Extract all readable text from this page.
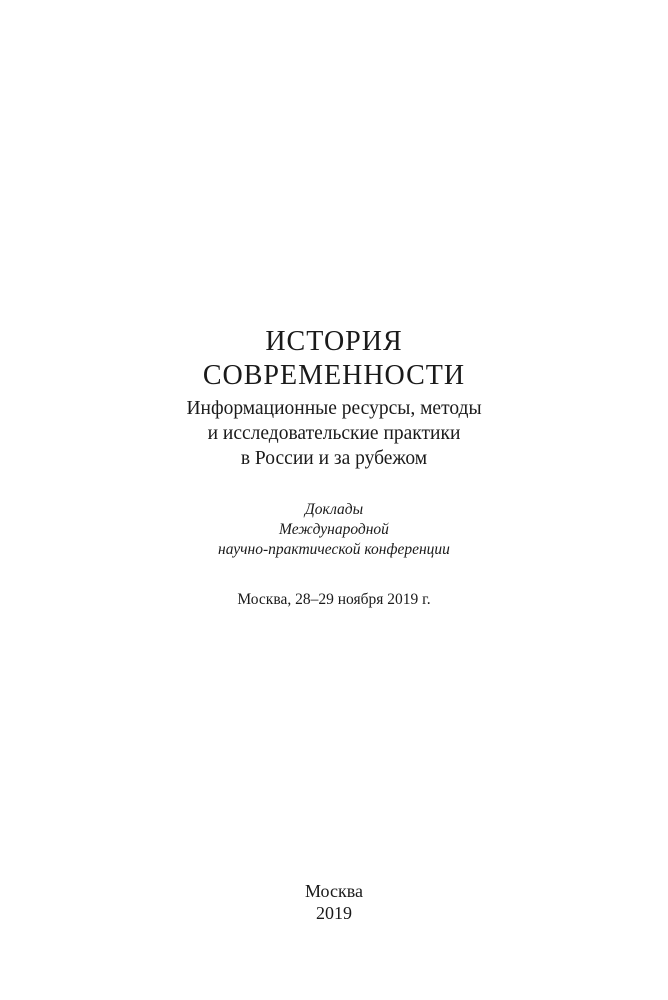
ИСТОРИЯ
СОВРЕМЕННОСТИ
Информационные ресурсы, методы
и исследовательские практики
в России и за рубежом
Доклады
Международной
научно-практической конференции
Москва, 28–29 ноября 2019 г.
Москва
2019
